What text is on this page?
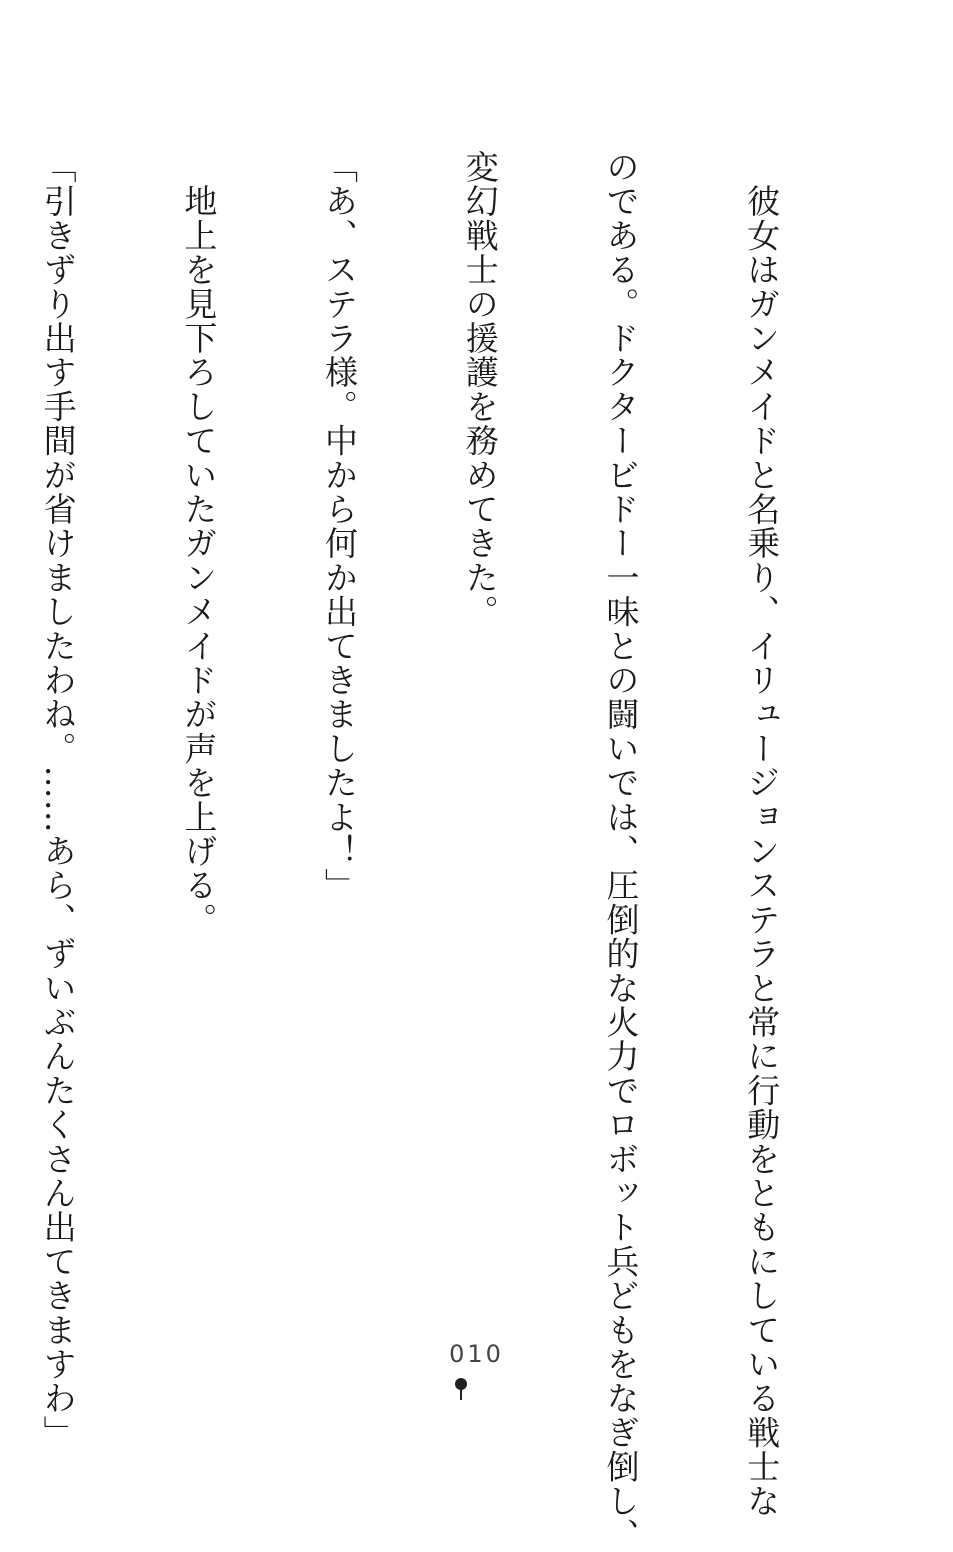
　彼女はガンメイドと名乗り、イリュージョンステラと常に行動をともにしている戦士な

のである。ドクタービドー一味との闘いでは、圧倒的な火力でロボット兵どもをなぎ倒し、

変幻戦士の援護を務めてきた。

「あ、ステラ様。中から何か出てきましたよ！」

　地上を見下ろしていたガンメイドが声を上げる。

「引きずり出す手間が省けましたわね。……あら、ずいぶんたくさん出てきますわ」

	010
